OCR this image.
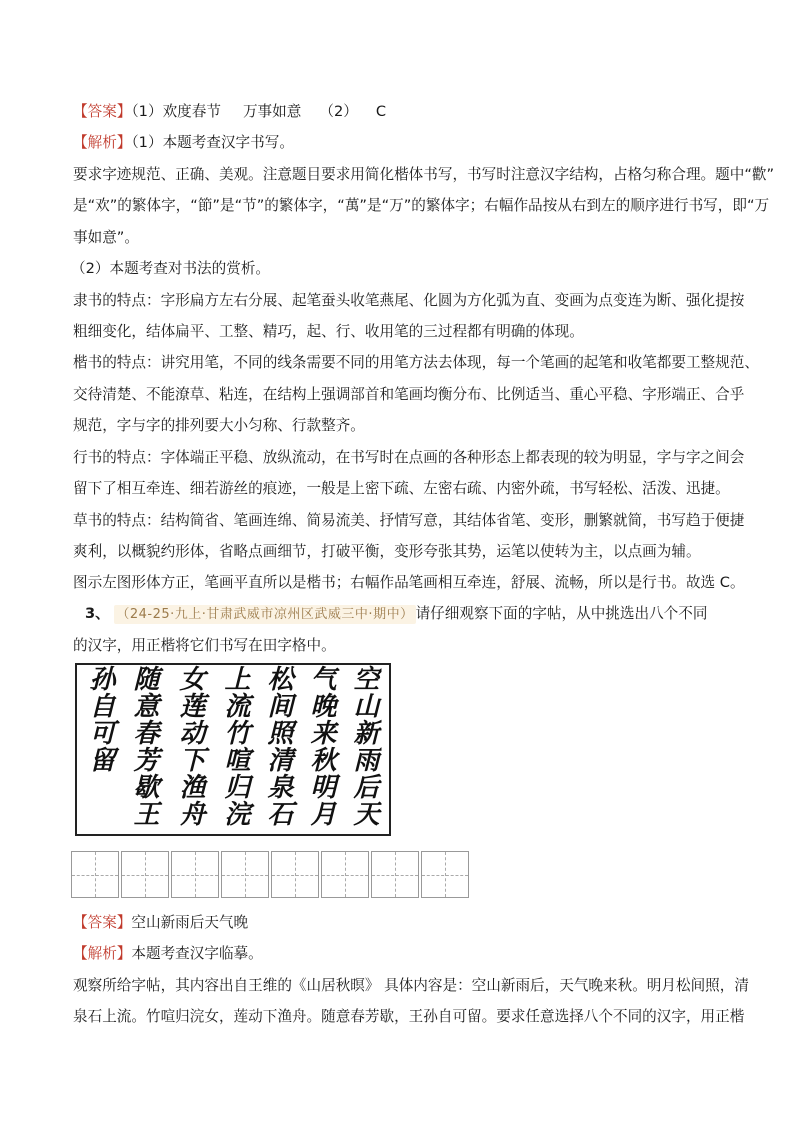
【答案】（1）欢度春节 万事如意 （2） C
【解析】（1）本题考查汉字书写。
要求字迹规范、正确、美观。注意题目要求用简化楷体书写，书写时注意汉字结构，占格匀称合理。题中“歡”
是“欢”的繁体字，“節”是“节”的繁体字，“萬”是“万”的繁体字；右幅作品按从右到左的顺序进行书写，即“万
事如意”。
（2）本题考查对书法的赏析。
隶书的特点：字形扁方左右分展、起笔蚕头收笔燕尾、化圆为方化弧为直、变画为点变连为断、强化提按
粗细变化，结体扁平、工整、精巧，起、行、收用笔的三过程都有明确的体现。
楷书的特点：讲究用笔，不同的线条需要不同的用笔方法去体现，每一个笔画的起笔和收笔都要工整规范、
交待清楚、不能潦草、粘连，在结构上强调部首和笔画均衡分布、比例适当、重心平稳、字形端正、合乎
规范，字与字的排列要大小匀称、行款整齐。
行书的特点：字体端正平稳、放纵流动，在书写时在点画的各种形态上都表现的较为明显，字与字之间会
留下了相互牵连、细若游丝的痕迹，一般是上密下疏、左密右疏、内密外疏，书写轻松、活泼、迅捷。
草书的特点：结构简省、笔画连绵、简易流美、抒情写意，其结体省笔、变形，删繁就简，书写趋于便捷
爽利，以概貌约形体，省略点画细节，打破平衡，变形夸张其势，运笔以使转为主，以点画为辅。
图示左图形体方正，笔画平直所以是楷书；右幅作品笔画相互牵连，舒展、流畅，所以是行书。故选 C。
3、 （24-25·九上·甘肃武威市凉州区武威三中·期中） 请仔细观察下面的字帖，从中挑选出八个不同
的汉字，用正楷将它们书写在田字格中。
空山新雨后天
气晚来秋明月
松间照清泉石
上流竹喧归浣
女莲动下渔舟
随意春芳歇王
孙自可留
【答案】空山新雨后天气晚
【解析】本题考查汉字临摹。
观察所给字帖，其内容出自王维的《山居秋暝》 具体内容是：空山新雨后，天气晚来秋。明月松间照，清
泉石上流。竹喧归浣女，莲动下渔舟。随意春芳歇，王孙自可留。要求任意选择八个不同的汉字，用正楷
